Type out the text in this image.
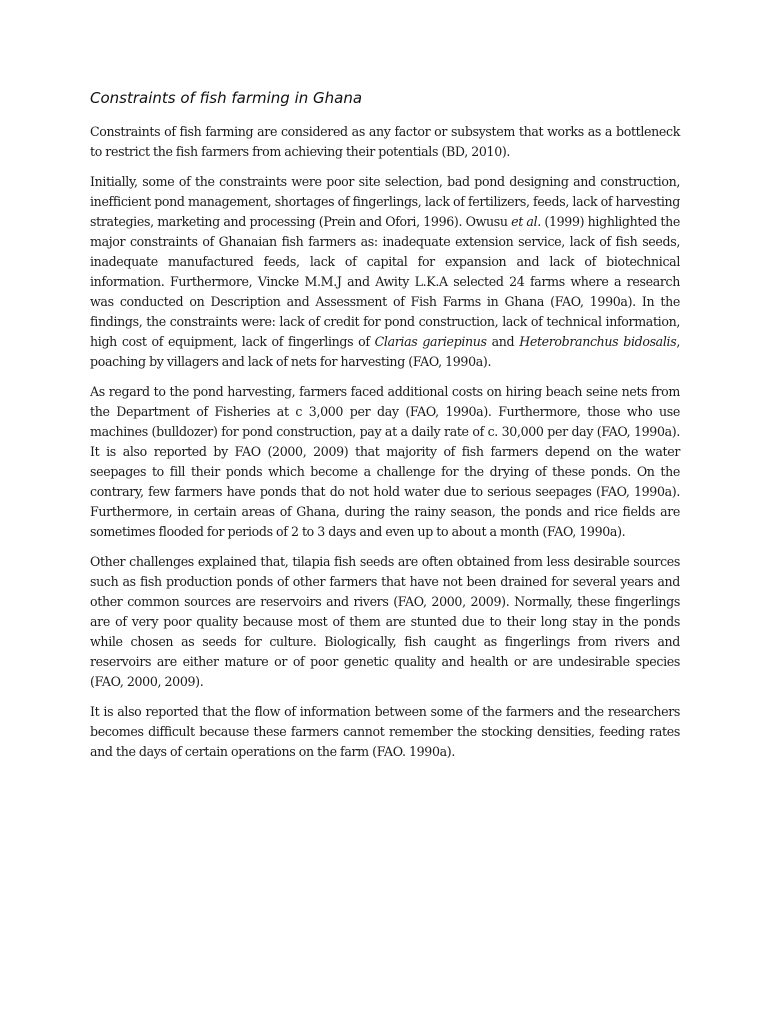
Constraints of fish farming in Ghana

Constraints of fish farming are considered as any factor or subsystem that works as a bottleneck to restrict the fish farmers from achieving their potentials (BD, 2010).

Initially, some of the constraints were poor site selection, bad pond designing and construction, inefficient pond management, shortages of fingerlings, lack of fertilizers, feeds, lack of harvesting strategies, marketing and processing (Prein and Ofori, 1996). Owusu et al. (1999) highlighted the major constraints of Ghanaian fish farmers as: inadequate extension service, lack of fish seeds, inadequate manufactured feeds, lack of capital for expansion and lack of biotechnical information. Furthermore, Vincke M.M.J and Awity L.K.A selected 24 farms where a research was conducted on Description and Assessment of Fish Farms in Ghana (FAO, 1990a). In the findings, the constraints were: lack of credit for pond construction, lack of technical information, high cost of equipment, lack of fingerlings of Clarias gariepinus and Heterobranchus bidosalis, poaching by villagers and lack of nets for harvesting (FAO, 1990a).

As regard to the pond harvesting, farmers faced additional costs on hiring beach seine nets from the Department of Fisheries at c 3,000 per day (FAO, 1990a). Furthermore, those who use machines (bulldozer) for pond construction, pay at a daily rate of c. 30,000 per day (FAO, 1990a). It is also reported by FAO (2000, 2009) that majority of fish farmers depend on the water seepages to fill their ponds which become a challenge for the drying of these ponds. On the contrary, few farmers have ponds that do not hold water due to serious seepages (FAO, 1990a). Furthermore, in certain areas of Ghana, during the rainy season, the ponds and rice fields are sometimes flooded for periods of 2 to 3 days and even up to about a month (FAO, 1990a).

Other challenges explained that, tilapia fish seeds are often obtained from less desirable sources such as fish production ponds of other farmers that have not been drained for several years and other common sources are reservoirs and rivers (FAO, 2000, 2009). Normally, these fingerlings are of very poor quality because most of them are stunted due to their long stay in the ponds while chosen as seeds for culture. Biologically, fish caught as fingerlings from rivers and reservoirs are either mature or of poor genetic quality and health or are undesirable species (FAO, 2000, 2009).

It is also reported that the flow of information between some of the farmers and the researchers becomes difficult because these farmers cannot remember the stocking densities, feeding rates and the days of certain operations on the farm (FAO. 1990a).
